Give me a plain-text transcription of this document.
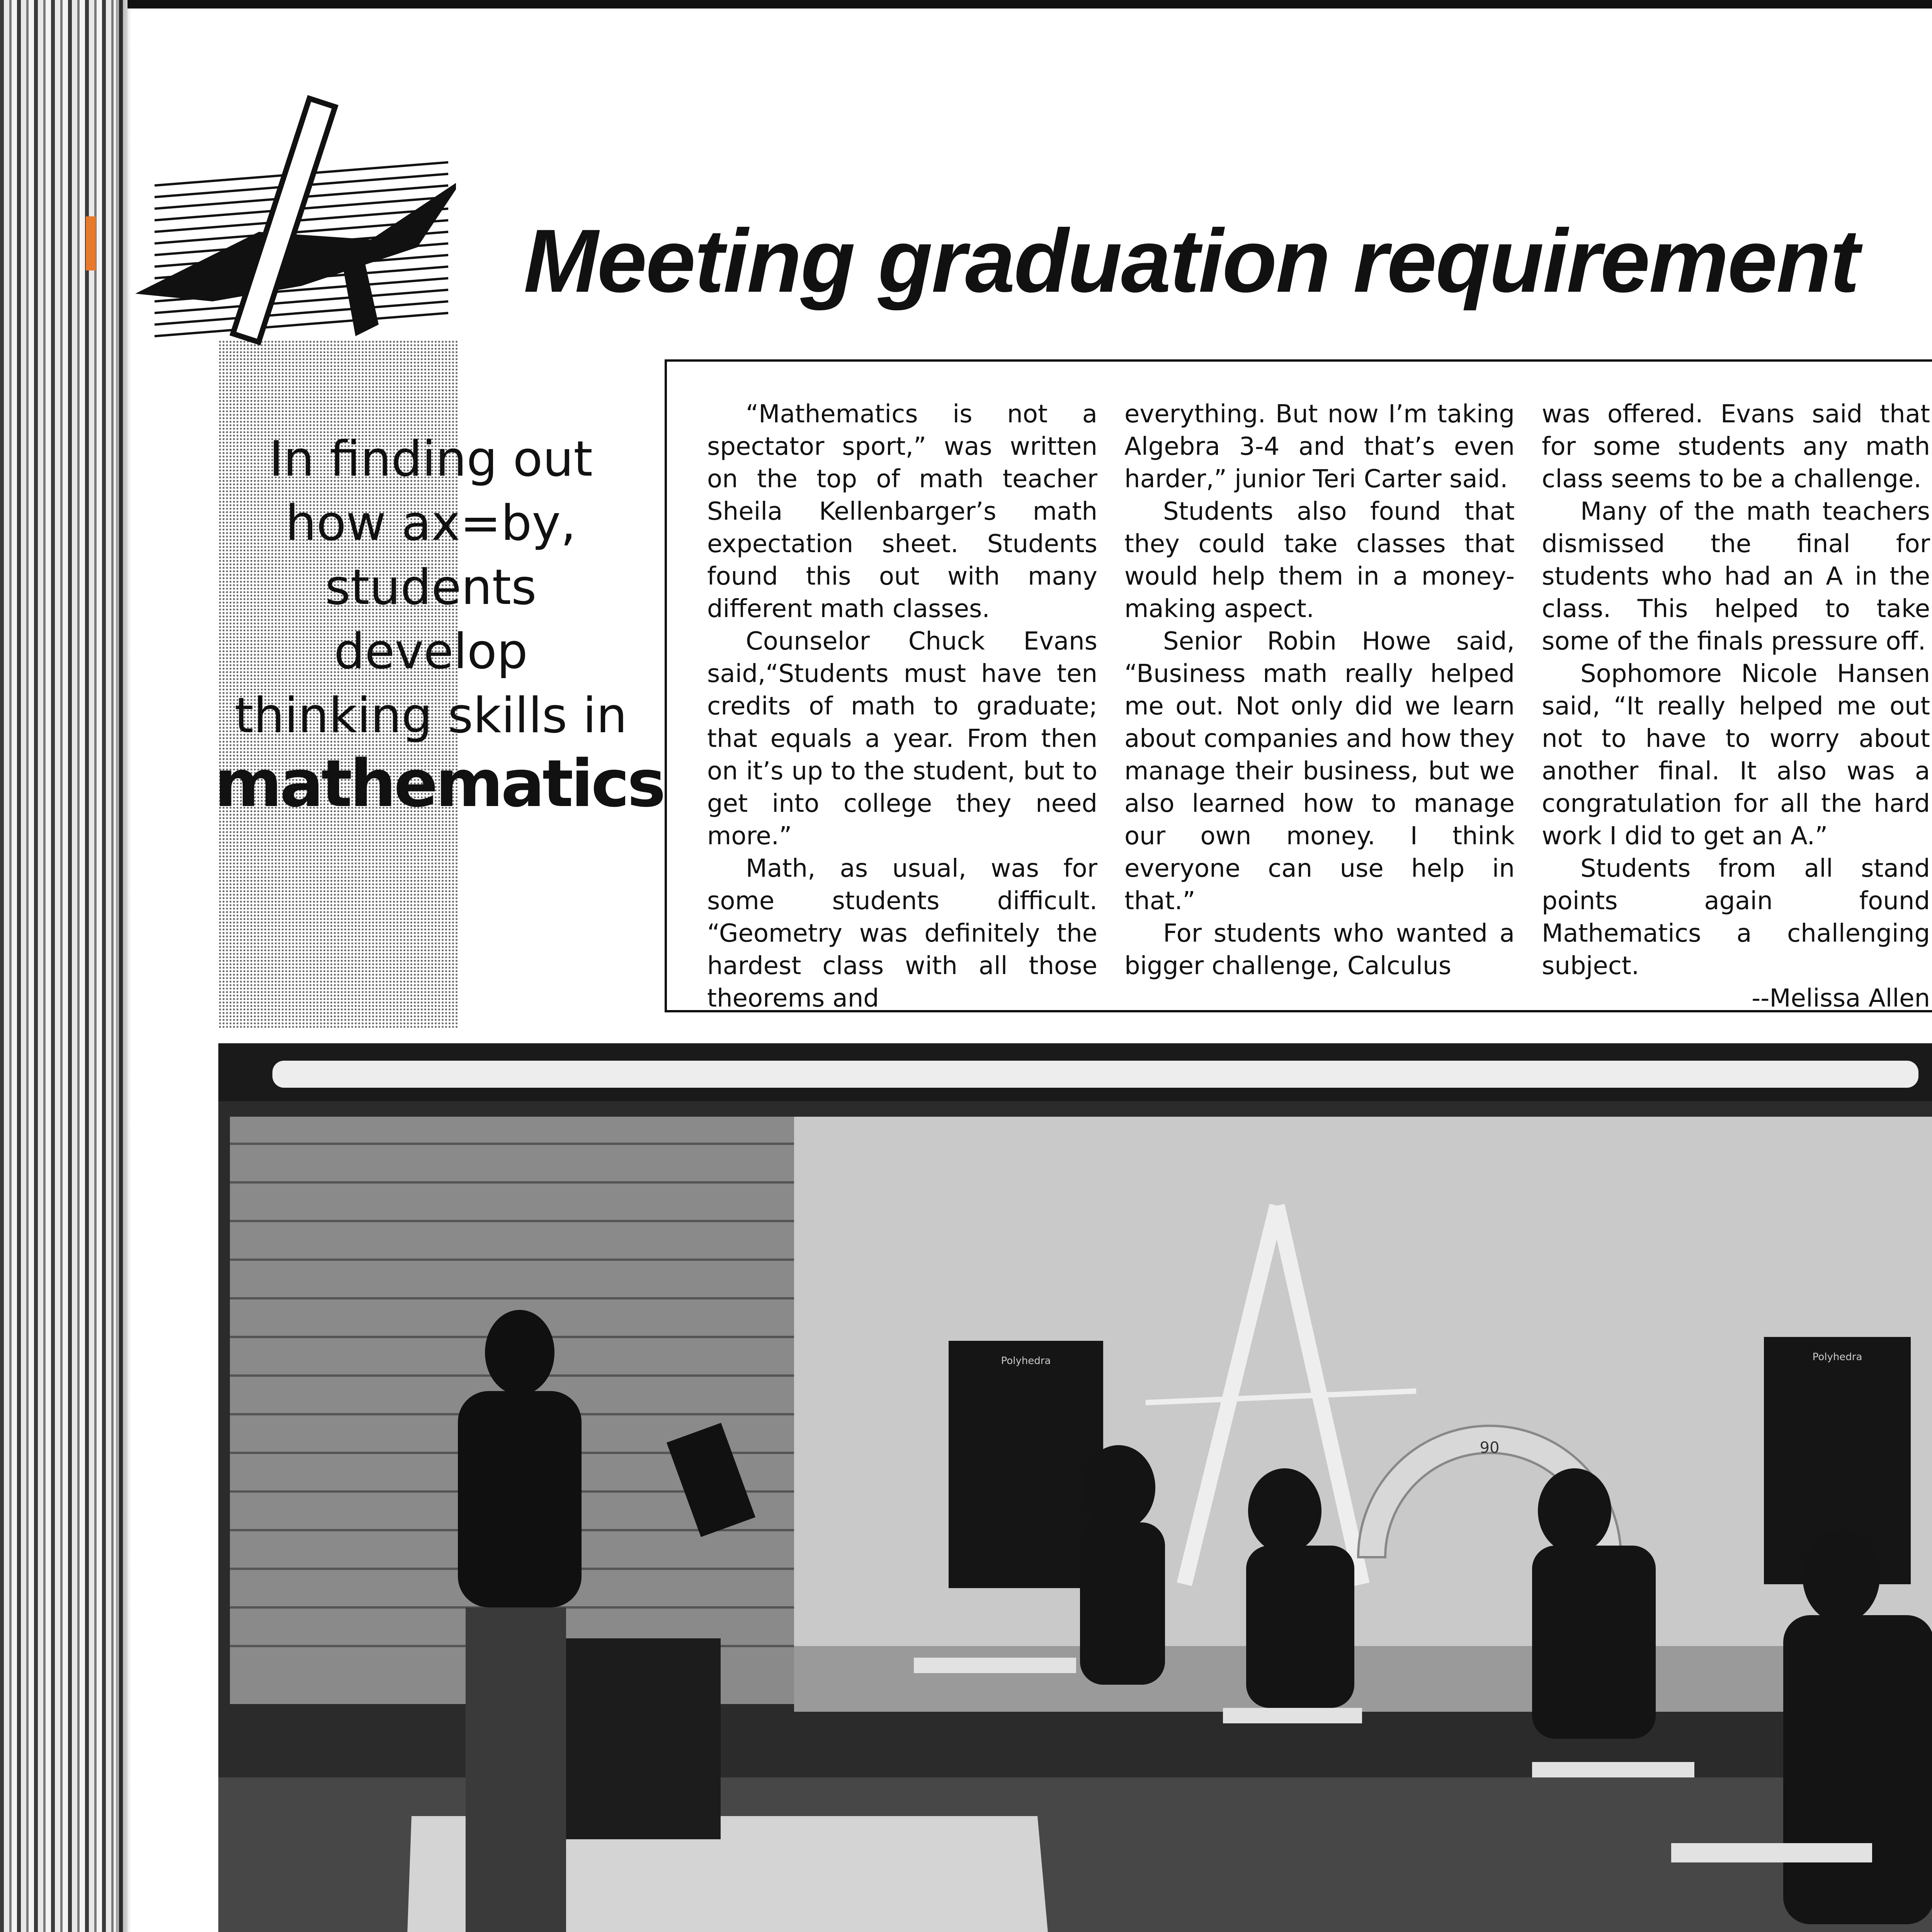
Meeting graduation requirement
In finding out
how ax=by,
students
develop
thinking skills in
mathematics

“Mathematics is not a spectator sport,” was written on the top of math teacher Sheila Kellenbarger’s math expectation sheet. Students found this out with many different math classes.

Counselor Chuck Evans said,“Students must have ten credits of math to graduate; that equals a year. From then on it’s up to the student, but to get into college they need more.”

Math, as usual, was for some students difficult. “Geometry was definitely the hardest class with all those theorems and

everything. But now I’m taking Algebra 3-4 and that’s even harder,” junior Teri Carter said.

Students also found that they could take classes that would help them in a money-making aspect.

Senior Robin Howe said, “Business math really helped me out. Not only did we learn about companies and how they manage their business, but we also learned how to manage our own money. I think everyone can use help in that.”

For students who wanted a bigger challenge, Calculus

was offered. Evans said that for some students any math class seems to be a challenge.

Many of the math teachers dismissed the final for students who had an A in the class. This helped to take some of the finals pressure off.

Sophomore Nicole Hansen said, “It really helped me out not to have to worry about another final. It also was a congratulation for all the hard work I did to get an A.”

Students from all stand points again found Mathematics a challenging subject.

--Melissa Allen
Polyhedra	Polyhedra
90
